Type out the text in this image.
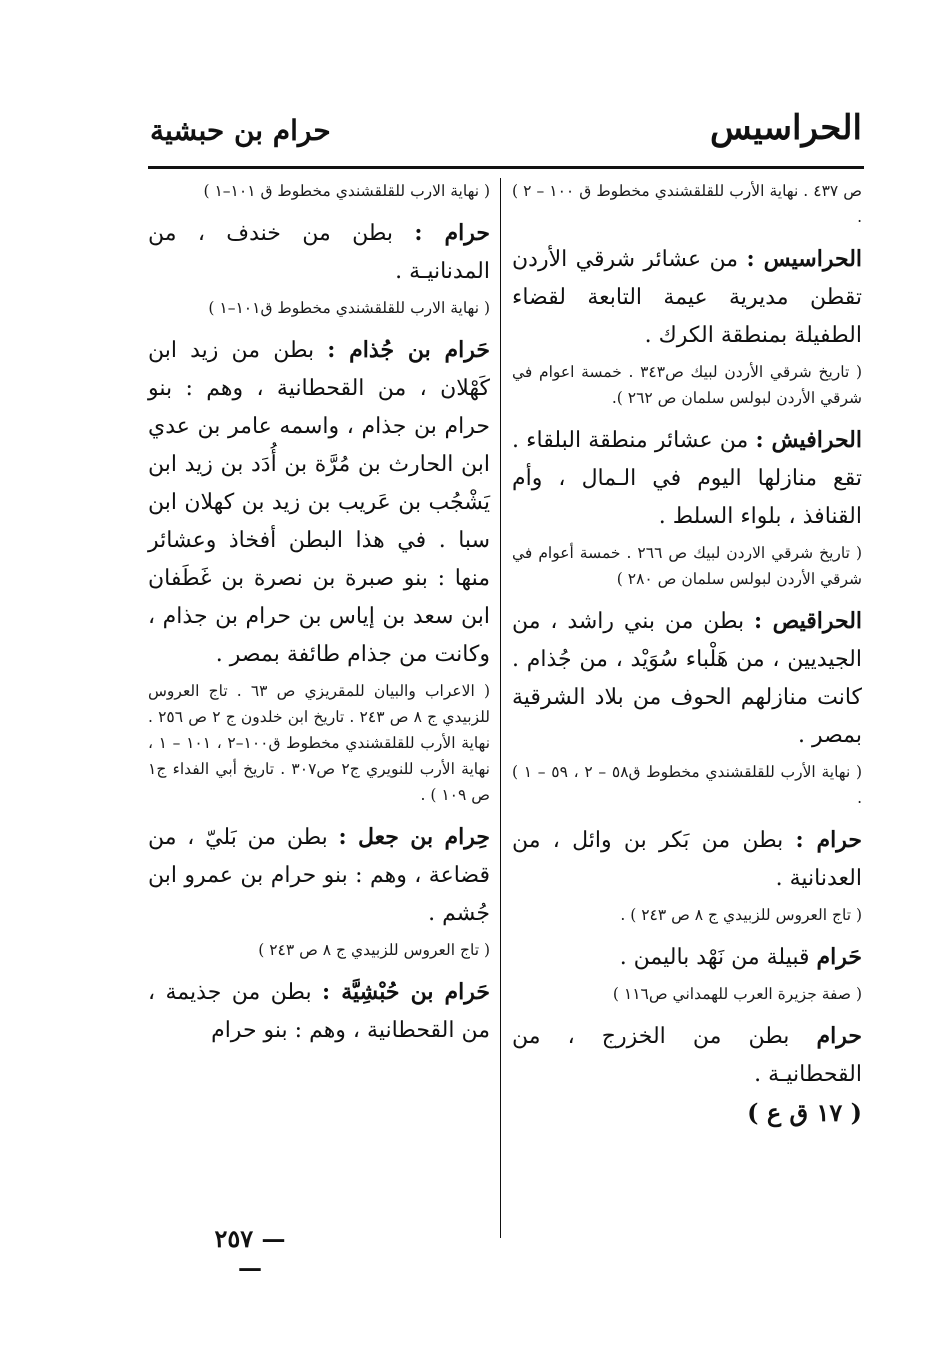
الحراسيس
حرام بن حبشية
ص ٤٣٧ . نهاية الأرب للقلقشندي مخطوط ق ١٠٠ – ٢ ) .
الحراسيس : من عشائر شرقي الأردن تقطن مديرية عيمة التابعة لقضاء الطفيلة بمنطقة الكرك .
( تاريخ شرقي الأردن لبيك ص٣٤٣ . خمسة اعوام في شرقي الأردن لبولس سلمان ص ٢٦٢ ).
الحرافيش : من عشائر منطقة البلقاء . تقع منازلها اليوم في الـمال ، وأم القنافذ ، بلواء السلط .
( تاريخ شرقي الاردن لبيك ص ٢٦٦ . خمسة أعوام في شرقي الأردن لبولس سلمان ص ٢٨٠ )
الحراقيص : بطن من بني راشد ، من الجيديين ، من هَلْباء سُوَيْد ، من جُذام . كانت منازلهم الحوف من بلاد الشرقية بمصر .
( نهاية الأرب للقلقشندي مخطوط ق٥٨ – ٢ ، ٥٩ – ١ ) .
حرام : بطن من بَكر بن وائل ، من العدنانية .
( تاج العروس للزبيدي ج ٨ ص ٢٤٣ ) .
حَرام قبيلة من نَهْد باليمن .
( صفة جزيرة العرب للهمداني ص١١٦ )
حرام بطن من الخزرج ، من القحطانيـة .
( ١٧ ق ع )
( نهاية الارب للقلقشندي مخطوط ق ١٠١–١ )
حرام : بطن من خندف ، من المدنانيـة .
( نهاية الارب للقلقشندي مخطوط ق١٠١–١ )
حَرام بن جُذام : بطن من زيد ابن كَهْلان ، من القحطانية ، وهم : بنو حرام بن جذام ، واسمه عامر بن عدي ابن الحارث بن مُرَّة بن أُدَد بن زيد ابن يَشْجُب بن عَريب بن زيد بن كهلان ابن سبا . في هذا البطن أفخاذ وعشائر منها : بنو صبرة بن نصرة بن غَطَفان ابن سعد بن إياس بن حرام بن جذام ، وكانت من جذام طائفة بمصر .
( الاعراب والبيان للمقريزي ص ٦٣ . تاج العروس للزبيدي ج ٨ ص ٢٤٣ . تاريخ ابن خلدون ج ٢ ص ٢٥٦ . نهاية الأرب للقلقشندي مخطوط ق١٠٠–٢ ، ١٠١ – ١ ، نهاية الأرب للنويري ج٢ ص٣٠٧ . تاريخ أبي الفداء ج١ ص ١٠٩ ) .
حِرام بن جعل : بطن من بَليّ ، من قضاعة ، وهم : بنو حرام بن عمرو ابن جُشم .
( تاج العروس للزبيدي ج ٨ ص ٢٤٣ )
حَرام بن حُبْشِيَّة : بطن من جذيمة ، من القحطانية ، وهم : بنو حرام
— ٢٥٧ —
